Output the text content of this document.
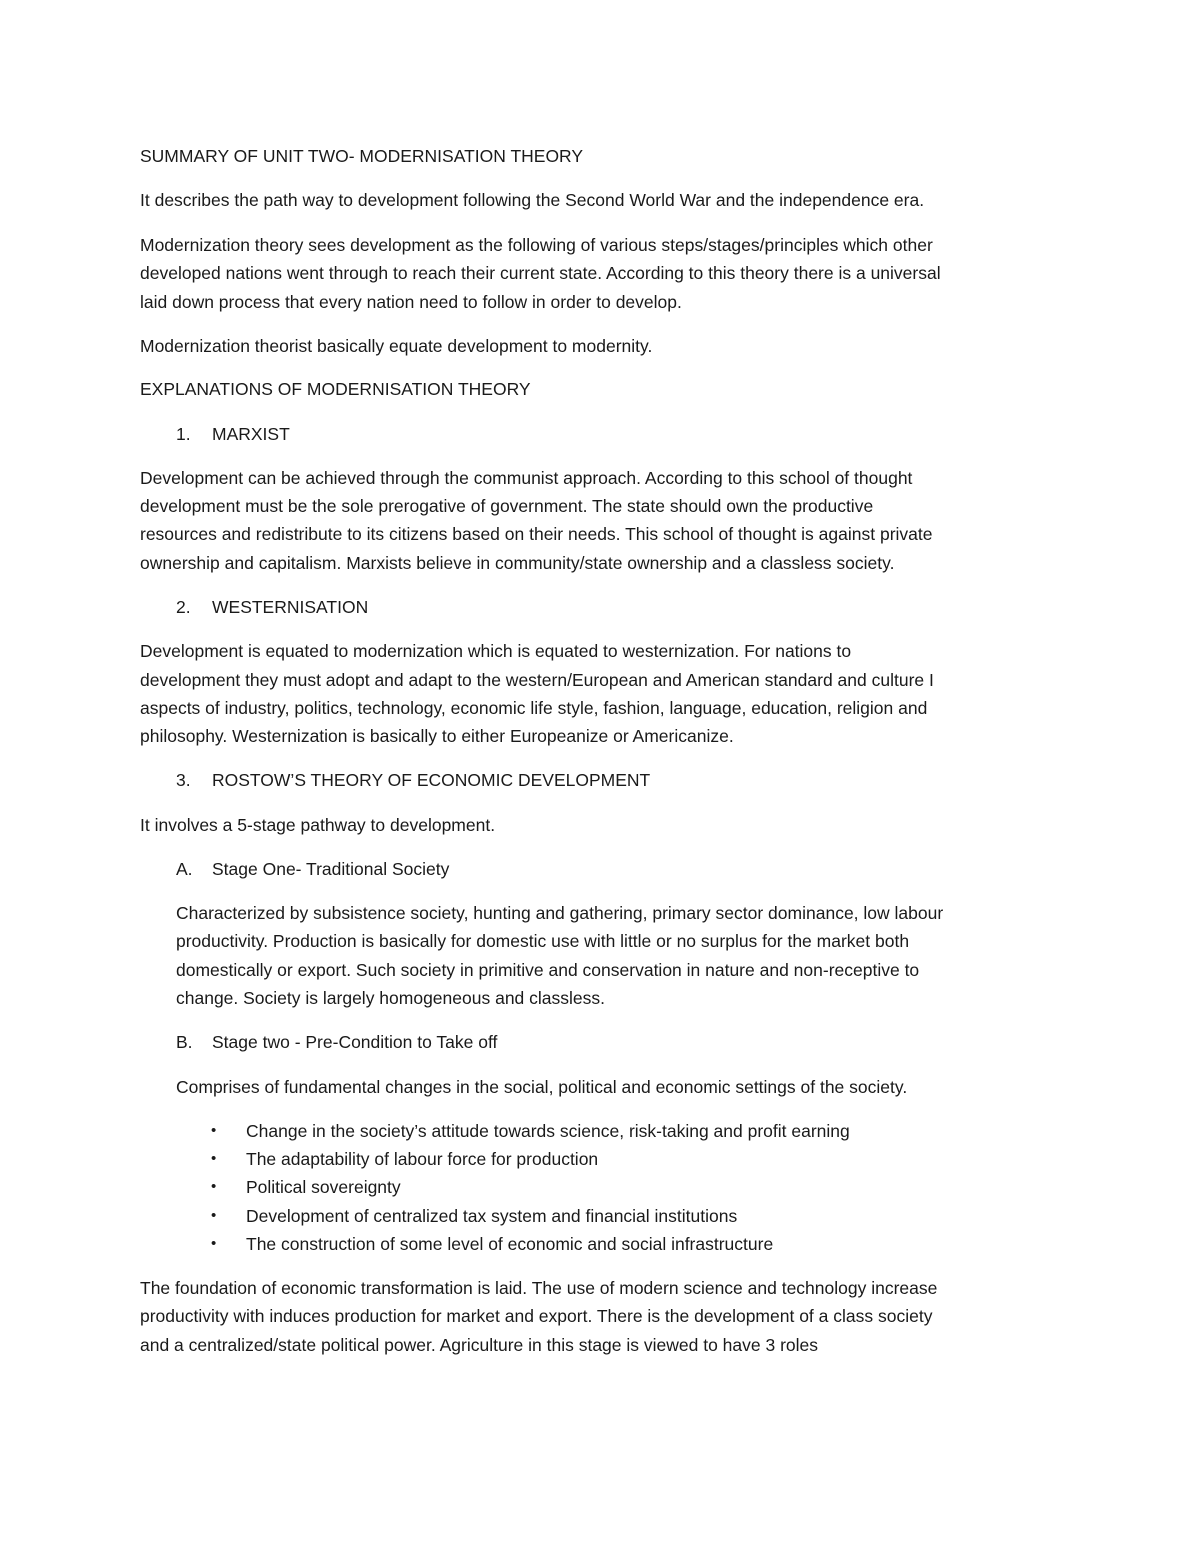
SUMMARY OF UNIT TWO- MODERNISATION THEORY

It describes the path way to development following the Second World War and the independence era.

Modernization theory sees development as the following of various steps/stages/principles which other

developed nations went through to reach their current state. According to this theory there is a universal

laid down process that every nation need to follow in order to develop.

Modernization theorist basically equate development to modernity.

EXPLANATIONS OF MODERNISATION THEORY

1.	MARXIST

Development can be achieved through the communist approach. According to this school of thought

development must be the sole prerogative of government. The state should own the productive

resources and redistribute to its citizens based on their needs. This school of thought is against private

ownership and capitalism. Marxists believe in community/state ownership and a classless society.

2.	WESTERNISATION

Development is equated to modernization which is equated to westernization. For nations to

development they must adopt and adapt to the western/European and American standard and culture I

aspects of industry, politics, technology, economic life style, fashion, language, education, religion and

philosophy. Westernization is basically to either Europeanize or Americanize.

3.	ROSTOW’S THEORY OF ECONOMIC DEVELOPMENT

It involves a 5-stage pathway to development.

A.	Stage One- Traditional Society

Characterized by subsistence society, hunting and gathering, primary sector dominance, low labour

productivity. Production is basically for domestic use with little or no surplus for the market both

domestically or export. Such society in primitive and conservation in nature and non-receptive to

change. Society is largely homogeneous and classless.

B.	Stage two - Pre-Condition to Take off

Comprises of fundamental changes in the social, political and economic settings of the society.

• Change in the society’s attitude towards science, risk-taking and profit earning
• The adaptability of labour force for production
• Political sovereignty
• Development of centralized tax system and financial institutions
• The construction of some level of economic and social infrastructure

The foundation of economic transformation is laid. The use of modern science and technology increase

productivity with induces production for market and export. There is the development of a class society

and a centralized/state political power. Agriculture in this stage is viewed to have 3 roles
